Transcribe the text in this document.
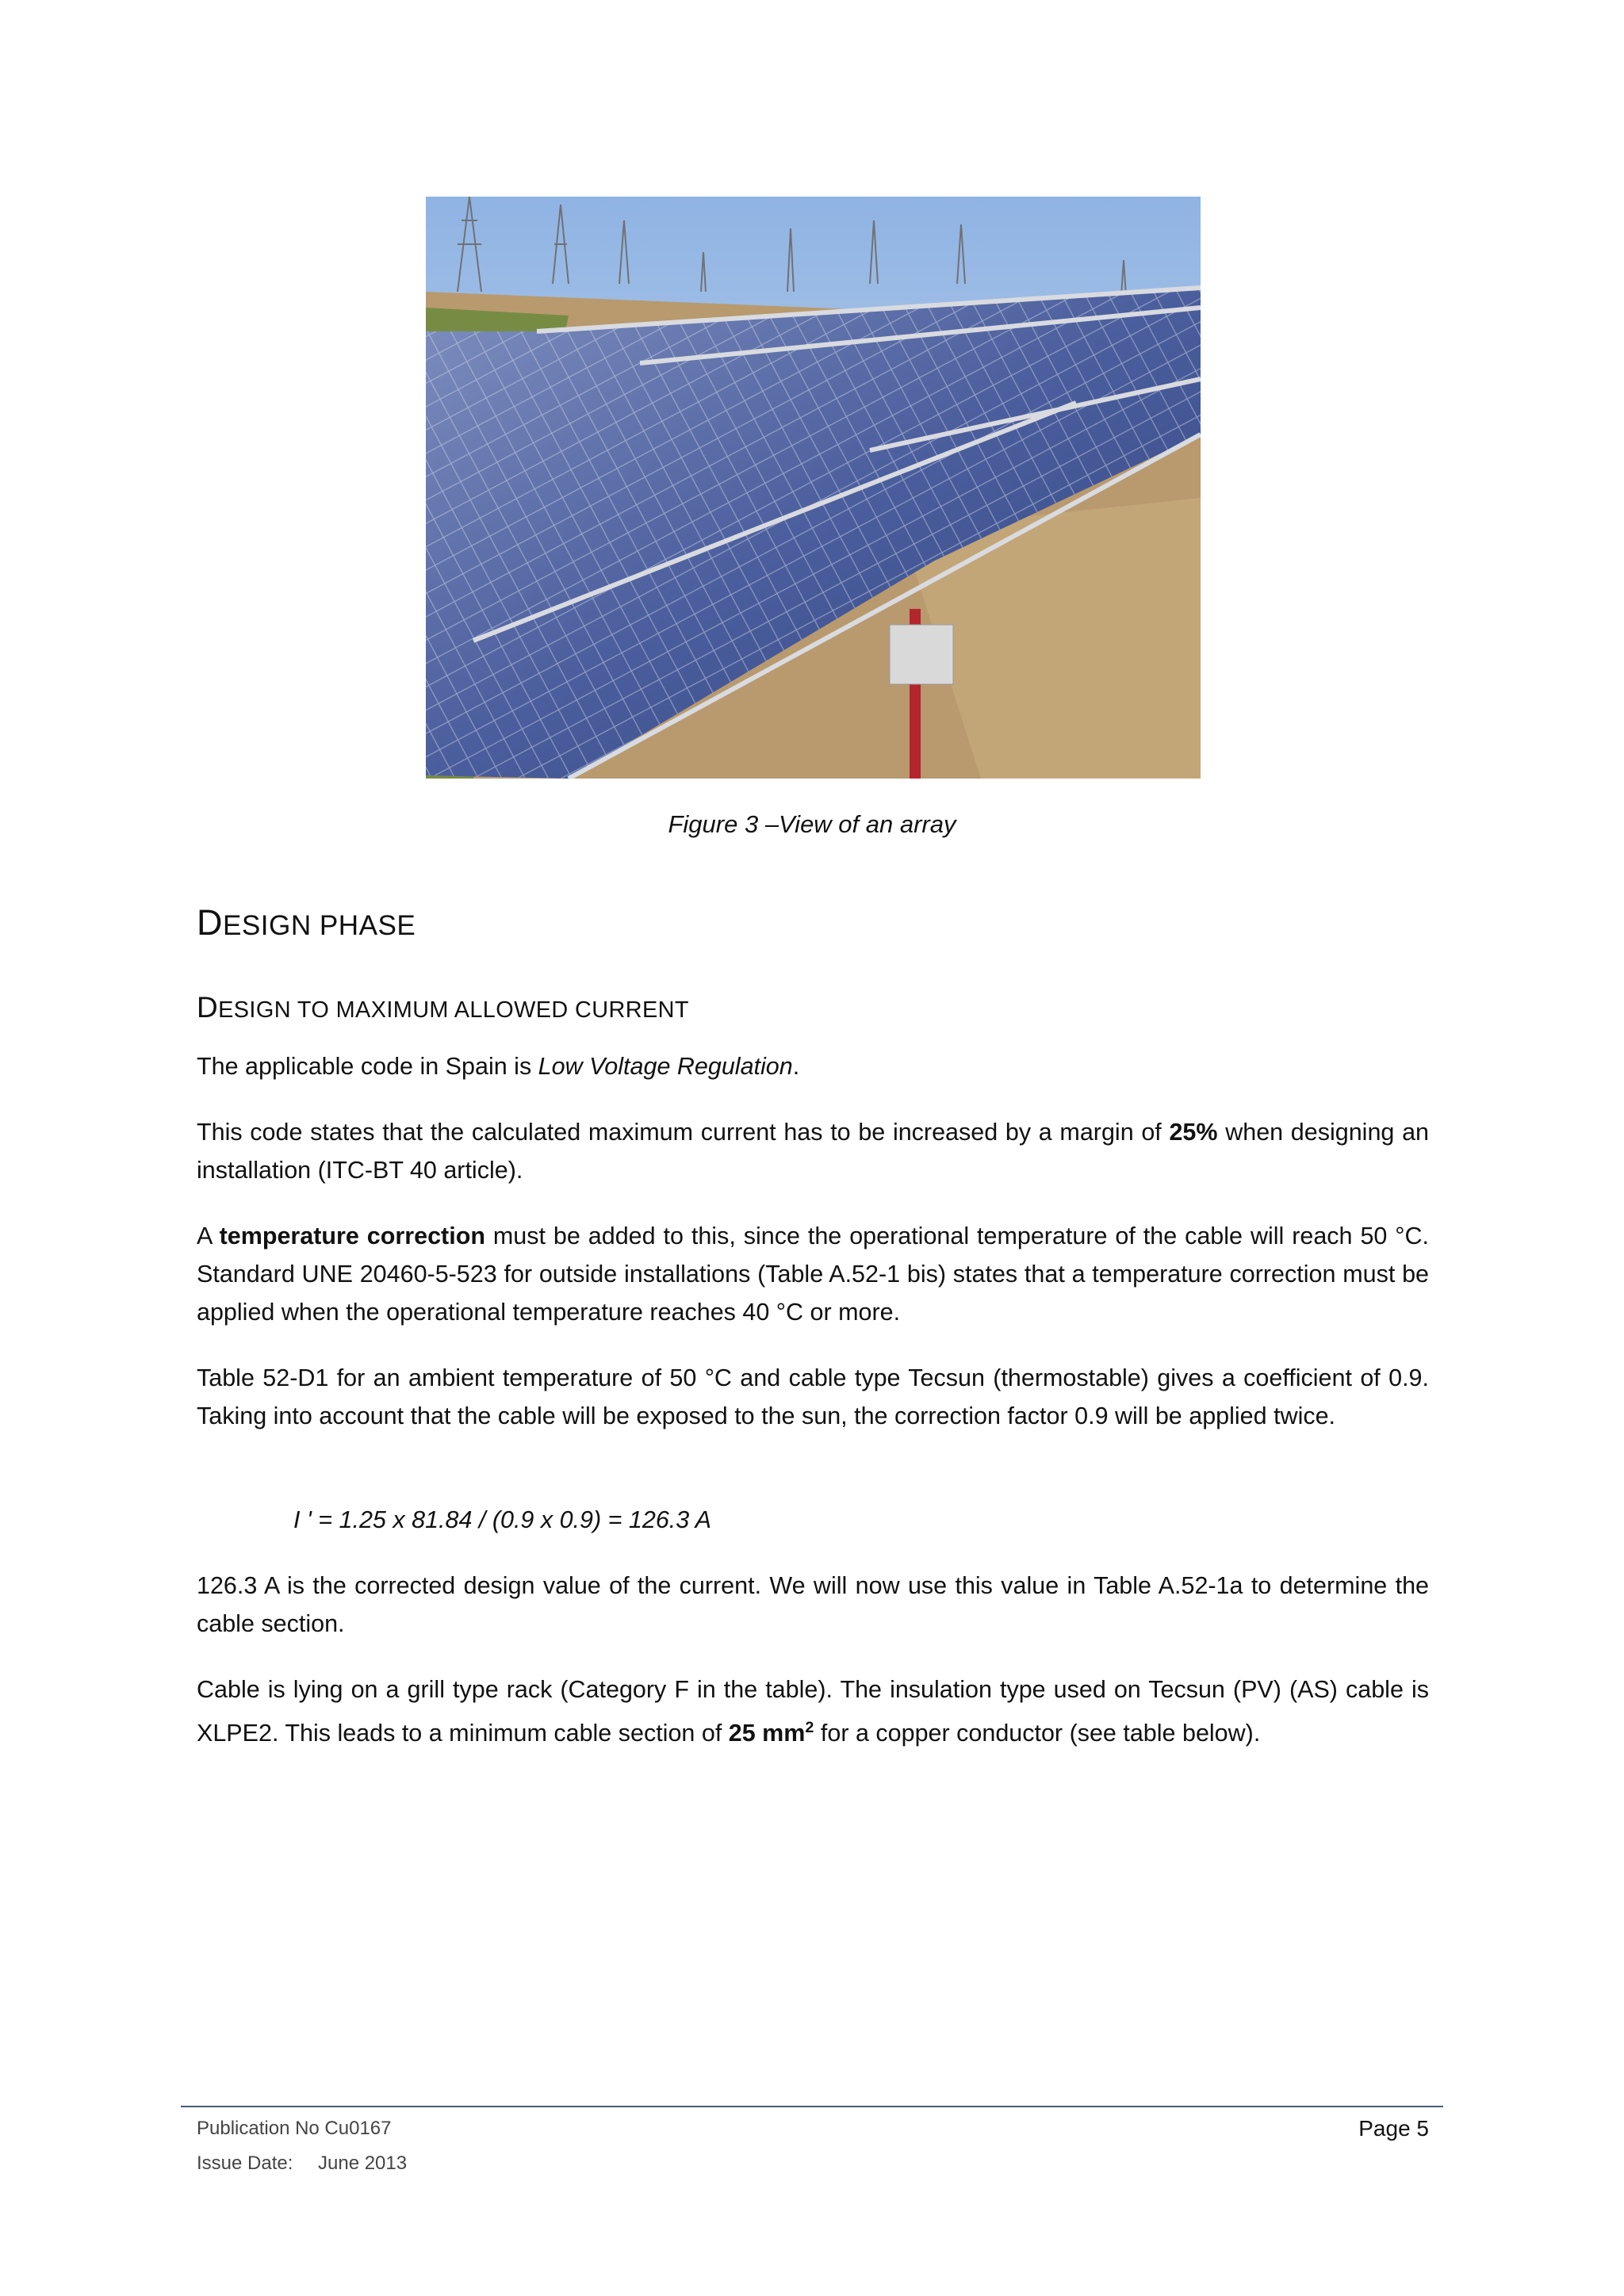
Figure 3 –View of an array
DESIGN PHASE
DESIGN TO MAXIMUM ALLOWED CURRENT
The applicable code in Spain is Low Voltage Regulation.
This code states that the calculated maximum current has to be increased by a margin of 25% when designing an installation (ITC-BT 40 article).
A temperature correction must be added to this, since the operational temperature of the cable will reach 50 °C. Standard UNE 20460-5-523 for outside installations (Table A.52-1 bis) states that a temperature correction must be applied when the operational temperature reaches 40 °C or more.
Table 52-D1 for an ambient temperature of 50 °C and cable type Tecsun (thermostable) gives a coefficient of 0.9. Taking into account that the cable will be exposed to the sun, the correction factor 0.9 will be applied twice.
I ' = 1.25 x 81.84 / (0.9 x 0.9) = 126.3 A
126.3 A is the corrected design value of the current. We will now use this value in Table A.52-1a to determine the cable section.
Cable is lying on a grill type rack (Category F in the table). The insulation type used on Tecsun (PV) (AS) cable is XLPE2. This leads to a minimum cable section of 25 $mm^2$ for a copper conductor (see table below).
Publication No Cu0167
Issue Date: June 2013
Page 5
